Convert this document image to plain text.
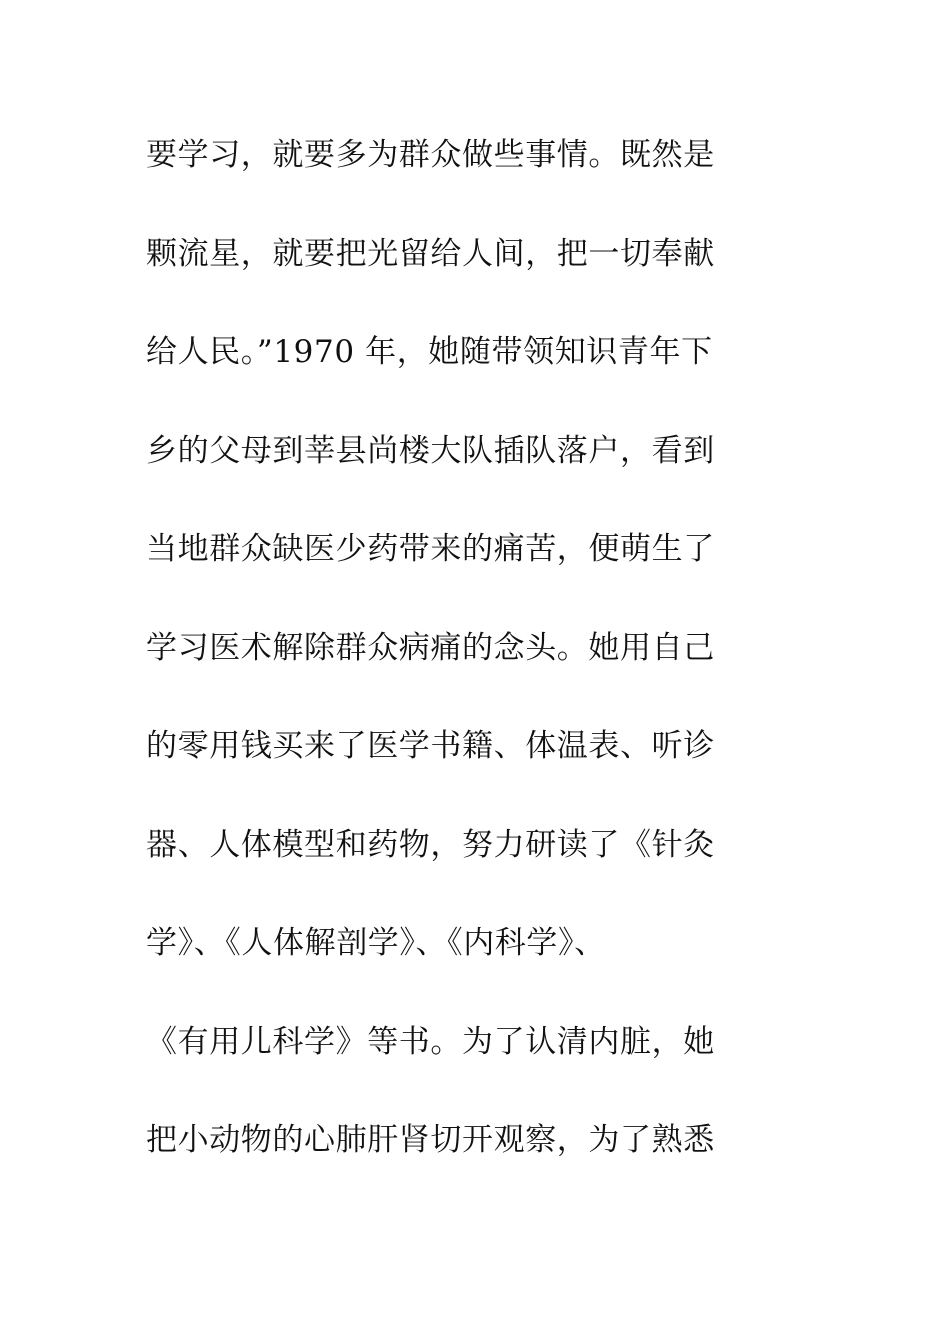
要学习，就要多为群众做些事情。既然是
颗流星，就要把光留给人间，把一切奉献
给人民。”1970 年，她随带领知识青年下
乡的父母到莘县尚楼大队插队落户，看到
当地群众缺医少药带来的痛苦，便萌生了
学习医术解除群众病痛的念头。她用自己
的零用钱买来了医学书籍、体温表、听诊
器、人体模型和药物，努力研读了《针灸
学》、《人体解剖学》、《内科学》、
《有用儿科学》等书。为了认清内脏，她
把小动物的心肺肝肾切开观察，为了熟悉
